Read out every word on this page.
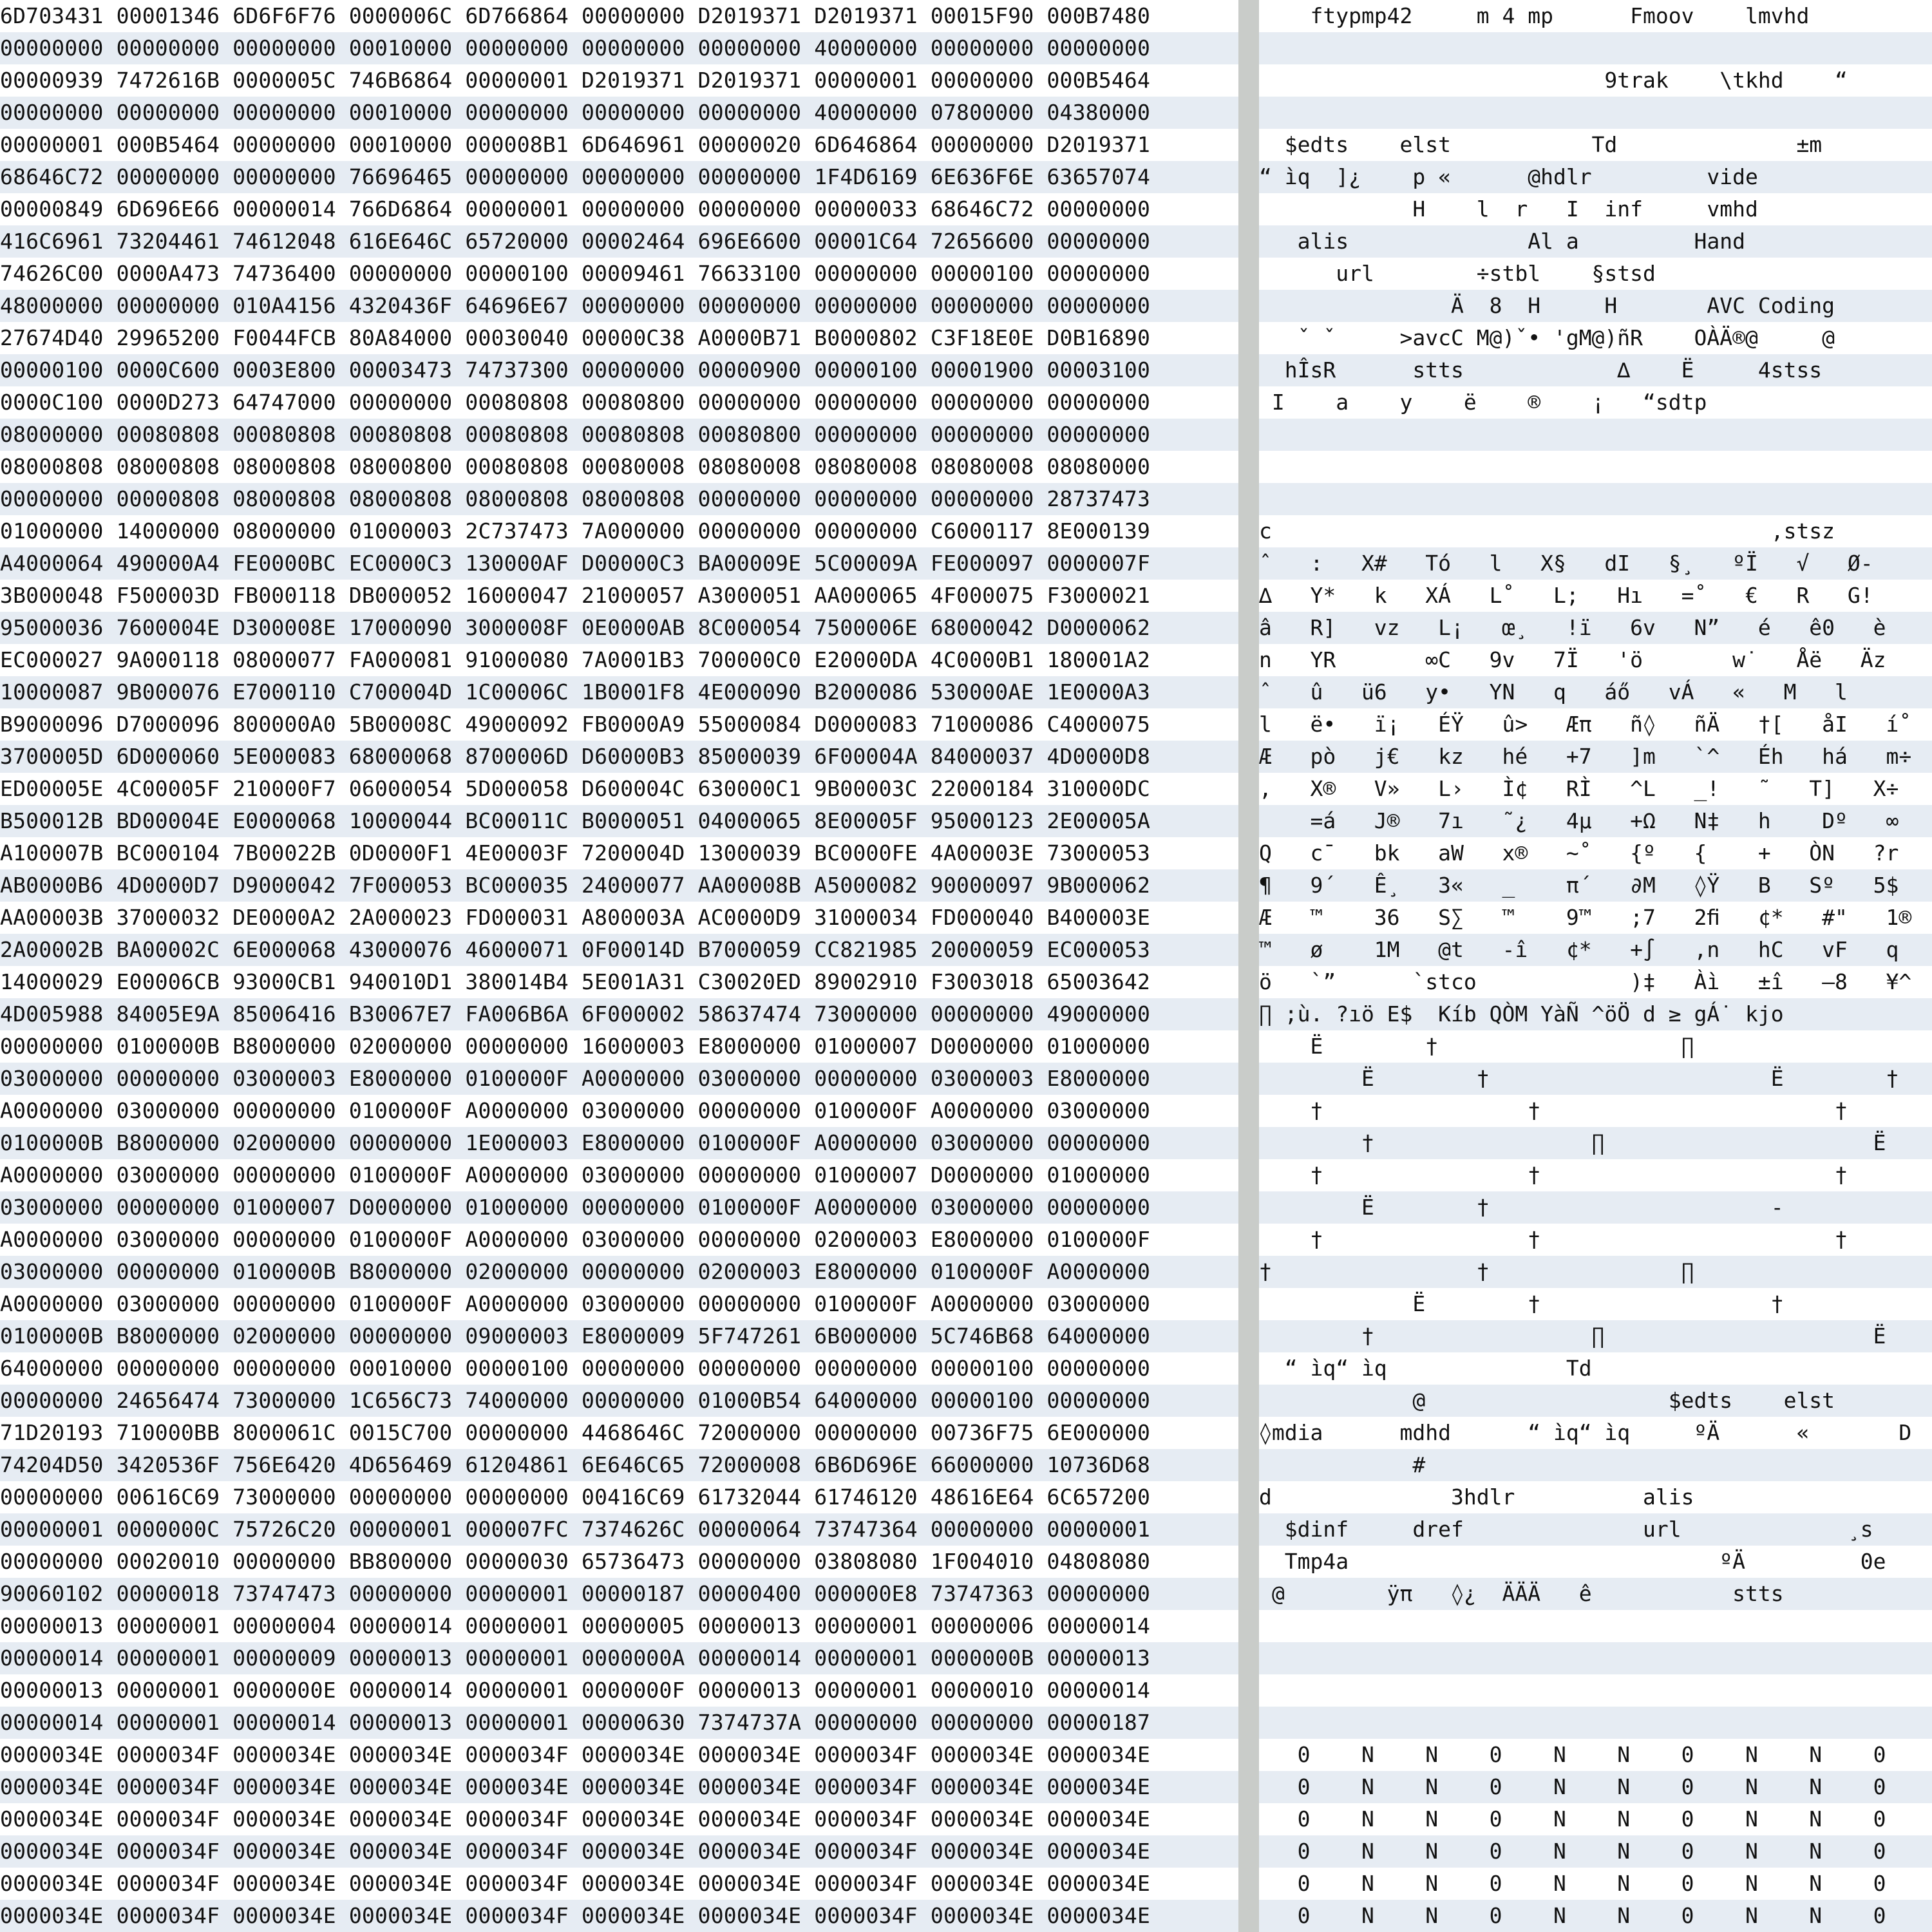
6D703431 00001346 6D6F6F76 0000006C 6D766864 00000000 D2019371 D2019371 00015F90 000B7480	ftypmp42     m 4 mp      Fmoov    lmvhd
00000000 00000000 00000000 00010000 00000000 00000000 00000000 40000000 00000000 00000000
00000939 7472616B 0000005C 746B6864 00000001 D2019371 D2019371 00000001 00000000 000B5464	9trak    \tkhd    “
00000000 00000000 00000000 00010000 00000000 00000000 00000000 40000000 07800000 04380000
00000001 000B5464 00000000 00010000 000008B1 6D646961 00000020 6D646864 00000000 D2019371	$edts    elst           Td              ±m
68646C72 00000000 00000000 76696465 00000000 00000000 00000000 1F4D6169 6E636F6E 63657074	“ ìq  ]¿    p «      @hdlr         vide
00000849 6D696E66 00000014 766D6864 00000001 00000000 00000000 00000033 68646C72 00000000	H    l  r   I  inf     vmhd
416C6961 73204461 74612048 616E646C 65720000 00002464 696E6600 00001C64 72656600 00000000	alis              Al a         Hand
74626C00 0000A473 74736400 00000000 00000100 00009461 76633100 00000000 00000100 00000000	url        ÷stbl    §stsd
48000000 00000000 010A4156 4320436F 64696E67 00000000 00000000 00000000 00000000 00000000	Ä  8  H     H       AVC Coding
27674D40 29965200 F0044FCB 80A84000 00030040 00000C38 A0000B71 B0000802 C3F18E0E D0B16890	ˇ ˇ     >avcC M@)ˇ• 'gM@)ñR    OÀÄ®@     @
00000100 0000C600 0003E800 00003473 74737300 00000000 00000900 00000100 00001900 00003100	hÎsR      stts            ∆    Ë     4stss
0000C100 0000D273 64747000 00000000 00080808 00080800 00000000 00000000 00000000 00000000	I    a    y    ë    ®    ¡   “sdtp
08000000 00080808 00080808 00080808 00080808 00080808 00080800 00000000 00000000 00000000
08000808 08000808 08000808 08000800 00080808 00080008 08080008 08080008 08080008 08080000
00000000 00000808 08000808 08000808 08000808 08000808 00000000 00000000 00000000 28737473
01000000 14000000 08000000 01000003 2C737473 7A000000 00000000 00000000 C6000117 8E000139	c                                       ,stsz
A4000064 490000A4 FE0000BC EC0000C3 130000AF D00000C3 BA00009E 5C00009A FE000097 0000007F	ˆ   :   X#   Tó   l   X§   dI   §¸   ºÏ   √   Ø-
3B000048 F500003D FB000118 DB000052 16000047 21000057 A3000051 AA000065 4F000075 F3000021	∆   Y*   k   XÁ   L˚   L;   Hı   =˚   €   R   G!
95000036 7600004E D300008E 17000090 3000008F 0E0000AB 8C000054 7500006E 68000042 D0000062	â   R]   vz   L¡   œ¸   !ï   6v   N”   é   ê0   è
EC000027 9A000118 08000077 FA000081 91000080 7A0001B3 700000C0 E20000DA 4C0000B1 180001A2	n   YR       ∞C   9v   7Ï   'ö       w˙   Åë   Äz
10000087 9B000076 E7000110 C700004D 1C00006C 1B0001F8 4E000090 B2000086 530000AE 1E0000A3	ˆ   û   ü6   y•   YN   q   áő   vÁ   «   M   l
B9000096 D7000096 800000A0 5B00008C 49000092 FB0000A9 55000084 D0000083 71000086 C4000075	l   ë•   ï¡   ÉŸ   û>   Æπ   ñ◊   ñÄ   †[   åI   í˚
3700005D 6D000060 5E000083 68000068 8700006D D60000B3 85000039 6F00004A 84000037 4D0000D8	Æ   pò   j€   kz   hé   +7   ]m   `^   Éh   há   m÷
ED00005E 4C00005F 210000F7 06000054 5D000058 D600004C 630000C1 9B00003C 22000184 310000DC	,   X®   V»   L›   Ì¢   RÌ   ^L   _!   ˜   T]   X÷
B500012B BD00004E E0000068 10000044 BC00011C B0000051 04000065 8E00005F 95000123 2E00005A	=á   J®   7ı   ˜¿   4µ   +Ω   N‡   h    Dº   ∞
A100007B BC000104 7B00022B 0D0000F1 4E00003F 7200004D 13000039 BC0000FE 4A00003E 73000053	Q   cˉ   bk   aW   x®   ~˚   {º   {    +   ÒN   ?r
AB0000B6 4D0000D7 D9000042 7F000053 BC000035 24000077 AA00008B A5000082 90000097 9B000062	¶   9´   Ê¸   3«   _    π´   ∂M   ◊Ÿ   B   Sº   5$
AA00003B 37000032 DE0000A2 2A000023 FD000031 A800003A AC0000D9 31000034 FD000040 B400003E	Æ   ™    36   S∑   ™    9™   ;7   2ﬁ   ¢*   #"   1®
2A00002B BA00002C 6E000068 43000076 46000071 0F00014D B7000059 CC821985 20000059 EC000053	™   ø    1M   @t   -î   ¢*   +∫   ,n   hC   vF   q
14000029 E00006CB 93000CB1 940010D1 380014B4 5E001A31 C30020ED 89002910 F3003018 65003642	ö   `”      `stco            )‡   Àì   ±î   –8   ¥^
4D005988 84005E9A 85006416 B30067E7 FA006B6A 6F000002 58637474 73000000 00000000 49000000	∏ ;ù. ?ıö E$  Kíb QÒM YàÑ ^öÖ d ≥ gÁ˙ kjo
00000000 0100000B B8000000 02000000 00000000 16000003 E8000000 01000007 D0000000 01000000	Ë        †                   ∏
03000000 00000000 03000003 E8000000 0100000F A0000000 03000000 00000000 03000003 E8000000	Ë        †                      Ë        †
A0000000 03000000 00000000 0100000F A0000000 03000000 00000000 0100000F A0000000 03000000	†                †                       †
0100000B B8000000 02000000 00000000 1E000003 E8000000 0100000F A0000000 03000000 00000000	†                 ∏                     Ë
A0000000 03000000 00000000 0100000F A0000000 03000000 00000000 01000007 D0000000 01000000	†                †                       †
03000000 00000000 01000007 D0000000 01000000 00000000 0100000F A0000000 03000000 00000000	Ë        †                      -
A0000000 03000000 00000000 0100000F A0000000 03000000 00000000 02000003 E8000000 0100000F	†                †                       †
03000000 00000000 0100000B B8000000 02000000 00000000 02000003 E8000000 0100000F A0000000	†                †               ∏
A0000000 03000000 00000000 0100000F A0000000 03000000 00000000 0100000F A0000000 03000000	Ë        †                  †
0100000B B8000000 02000000 00000000 09000003 E8000009 5F747261 6B000000 5C746B68 64000000	†                 ∏                     Ë
64000000 00000000 00000000 00010000 00000100 00000000 00000000 00000000 00000100 00000000	“ ìq“ ìq              Td
00000000 24656474 73000000 1C656C73 74000000 00000000 01000B54 64000000 00000100 00000000	@                   $edts    elst
71D20193 710000BB 8000061C 0015C700 00000000 4468646C 72000000 00000000 00736F75 6E000000	◊mdia      mdhd      “ ìq“ ìq     ºÄ      «       D
74204D50 3420536F 756E6420 4D656469 61204861 6E646C65 72000008 6B6D696E 66000000 10736D68	#
00000000 00616C69 73000000 00000000 00000000 00416C69 61732044 61746120 48616E64 6C657200	d              3hdlr          alis
00000001 0000000C 75726C20 00000001 000007FC 7374626C 00000064 73747364 00000000 00000001	$dinf     dref              url             ¸s
00000000 00020010 00000000 BB800000 00000030 65736473 00000000 03808080 1F004010 04808080	Tmp4a                             ºÄ         0e
90060102 00000018 73747473 00000000 00000001 00000187 00000400 000000E8 73747363 00000000	@        ÿπ   ◊¿  ÄÄÄ   ê           stts
00000013 00000001 00000004 00000014 00000001 00000005 00000013 00000001 00000006 00000014
00000014 00000001 00000009 00000013 00000001 0000000A 00000014 00000001 0000000B 00000013
00000013 00000001 0000000E 00000014 00000001 0000000F 00000013 00000001 00000010 00000014
00000014 00000001 00000014 00000013 00000001 00000630 7374737A 00000000 00000000 00000187
0000034E 0000034F 0000034E 0000034E 0000034F 0000034E 0000034E 0000034F 0000034E 0000034E	0    N    N    0    N    N    0    N    N    0
0000034E 0000034F 0000034E 0000034E 0000034E 0000034E 0000034E 0000034F 0000034E 0000034E	0    N    N    0    N    N    0    N    N    0
0000034E 0000034F 0000034E 0000034E 0000034F 0000034E 0000034E 0000034F 0000034E 0000034E	0    N    N    0    N    N    0    N    N    0
0000034E 0000034F 0000034E 0000034E 0000034F 0000034E 0000034E 0000034F 0000034E 0000034E	0    N    N    0    N    N    0    N    N    0
0000034E 0000034F 0000034E 0000034E 0000034F 0000034E 0000034E 0000034F 0000034E 0000034E	0    N    N    0    N    N    0    N    N    0
0000034E 0000034F 0000034E 0000034E 0000034F 0000034E 0000034E 0000034F 0000034E 0000034E	0    N    N    0    N    N    0    N    N    0
